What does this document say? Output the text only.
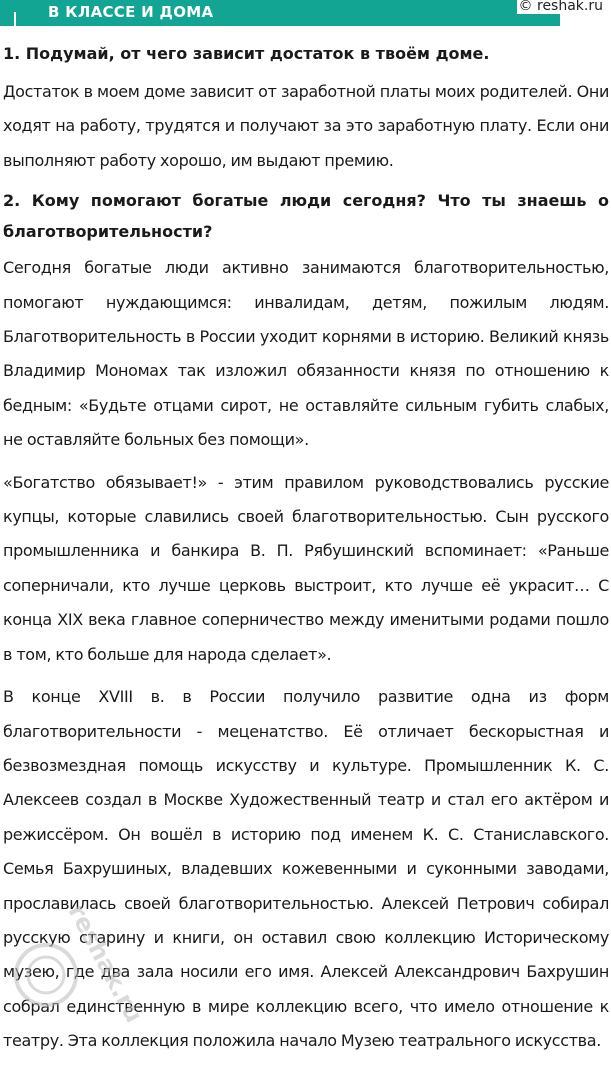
В КЛАССЕ И ДОМА	© reshak.ru

1. Подумай, от чего зависит достаток в твоём доме.

Достаток в моем доме зависит от заработной платы моих родителей. Они ходят на работу, трудятся и получают за это заработную плату. Если они выполняют работу хорошо, им выдают премию.

2. Кому помогают богатые люди сегодня? Что ты знаешь о благотворительности?

Сегодня богатые люди активно занимаются благотворительностью, помогают нуждающимся: инвалидам, детям, пожилым людям. Благотворительность в России уходит корнями в историю. Великий князь Владимир Мономах так изложил обязанности князя по отношению к бедным: «Будьте отцами сирот, не оставляйте сильным губить слабых, не оставляйте больных без помощи».

«Богатство обязывает!» - этим правилом руководствовались русские купцы, которые славились своей благотворительностью. Сын русского промышленника и банкира В. П. Рябушинский вспоминает: «Раньше соперничали, кто лучше церковь выстроит, кто лучше её украсит… С конца XIX века главное соперничество между именитыми родами пошло в том, кто больше для народа сделает».

В конце XVIII в. в России получило развитие одна из форм благотворительности - меценатство. Её отличает бескорыстная и безвозмездная помощь искусству и культуре. Промышленник К. С. Алексеев создал в Москве Художественный театр и стал его актёром и режиссёром. Он вошёл в историю под именем К. С. Станиславского. Семья Бахрушиных, владевших кожевенными и суконными заводами, прославилась своей благотворительностью. Алексей Петрович собирал русскую старину и книги, он оставил свою коллекцию Историческому музею, где два зала носили его имя. Алексей Александрович Бахрушин собрал единственную в мире коллекцию всего, что имело отношение к театру. Эта коллекция положила начало Музею театрального искусства.

reshak.ru
